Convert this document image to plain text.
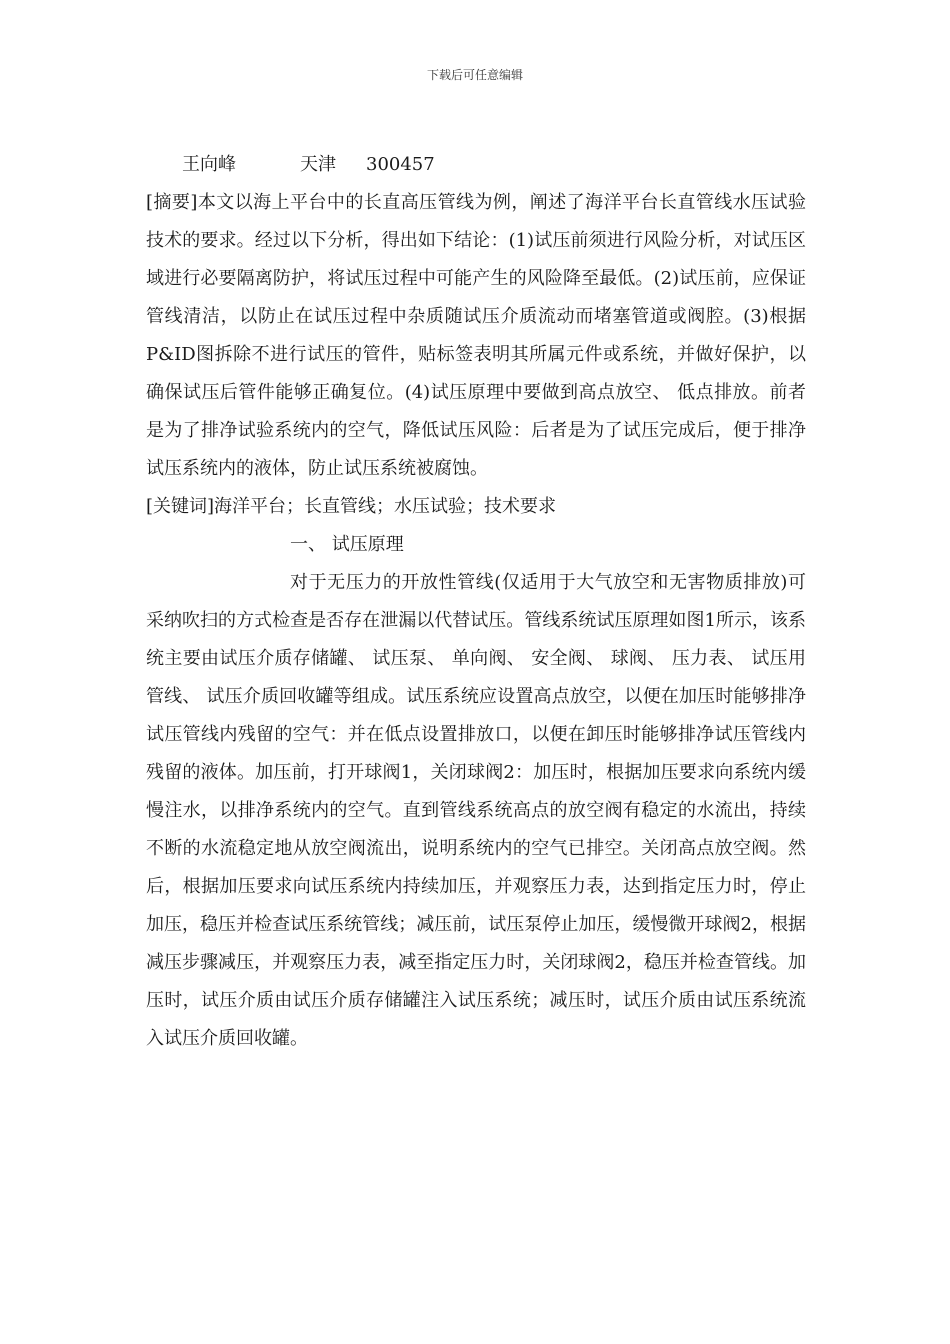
下载后可任意编辑
王向峰	天津 300457

[摘要]本文以海上平台中的长直高压管线为例，阐述了海洋平台长直管线水压试验技术的要求。经过以下分析，得出如下结论：(1)试压前须进行风险分析，对试压区域进行必要隔离防护，将试压过程中可能产生的风险降至最低。(2)试压前，应保证管线清洁，以防止在试压过程中杂质随试压介质流动而堵塞管道或阀腔。(3)根据P&ID图拆除不进行试压的管件，贴标签表明其所属元件或系统，并做好保护，以确保试压后管件能够正确复位。(4)试压原理中要做到高点放空、 低点排放。前者是为了排净试验系统内的空气，降低试压风险：后者是为了试压完成后，便于排净试压系统内的液体，防止试压系统被腐蚀。

[关键词]海洋平台；长直管线；水压试验；技术要求

一、 试压原理

对于无压力的开放性管线(仅适用于大气放空和无害物质排放)可采纳吹扫的方式检查是否存在泄漏以代替试压。管线系统试压原理如图1所示，该系统主要由试压介质存储罐、 试压泵、 单向阀、 安全阀、 球阀、 压力表、 试压用管线、 试压介质回收罐等组成。试压系统应设置高点放空，以便在加压时能够排净试压管线内残留的空气：并在低点设置排放口，以便在卸压时能够排净试压管线内残留的液体。加压前，打开球阀1，关闭球阀2：加压时，根据加压要求向系统内缓慢注水，以排净系统内的空气。直到管线系统高点的放空阀有稳定的水流出，持续不断的水流稳定地从放空阀流出，说明系统内的空气已排空。关闭高点放空阀。然后，根据加压要求向试压系统内持续加压，并观察压力表，达到指定压力时，停止加压，稳压并检查试压系统管线；减压前，试压泵停止加压，缓慢微开球阀2，根据减压步骤减压，并观察压力表，减至指定压力时，关闭球阀2，稳压并检查管线。加压时，试压介质由试压介质存储罐注入试压系统；减压时，试压介质由试压系统流入试压介质回收罐。
